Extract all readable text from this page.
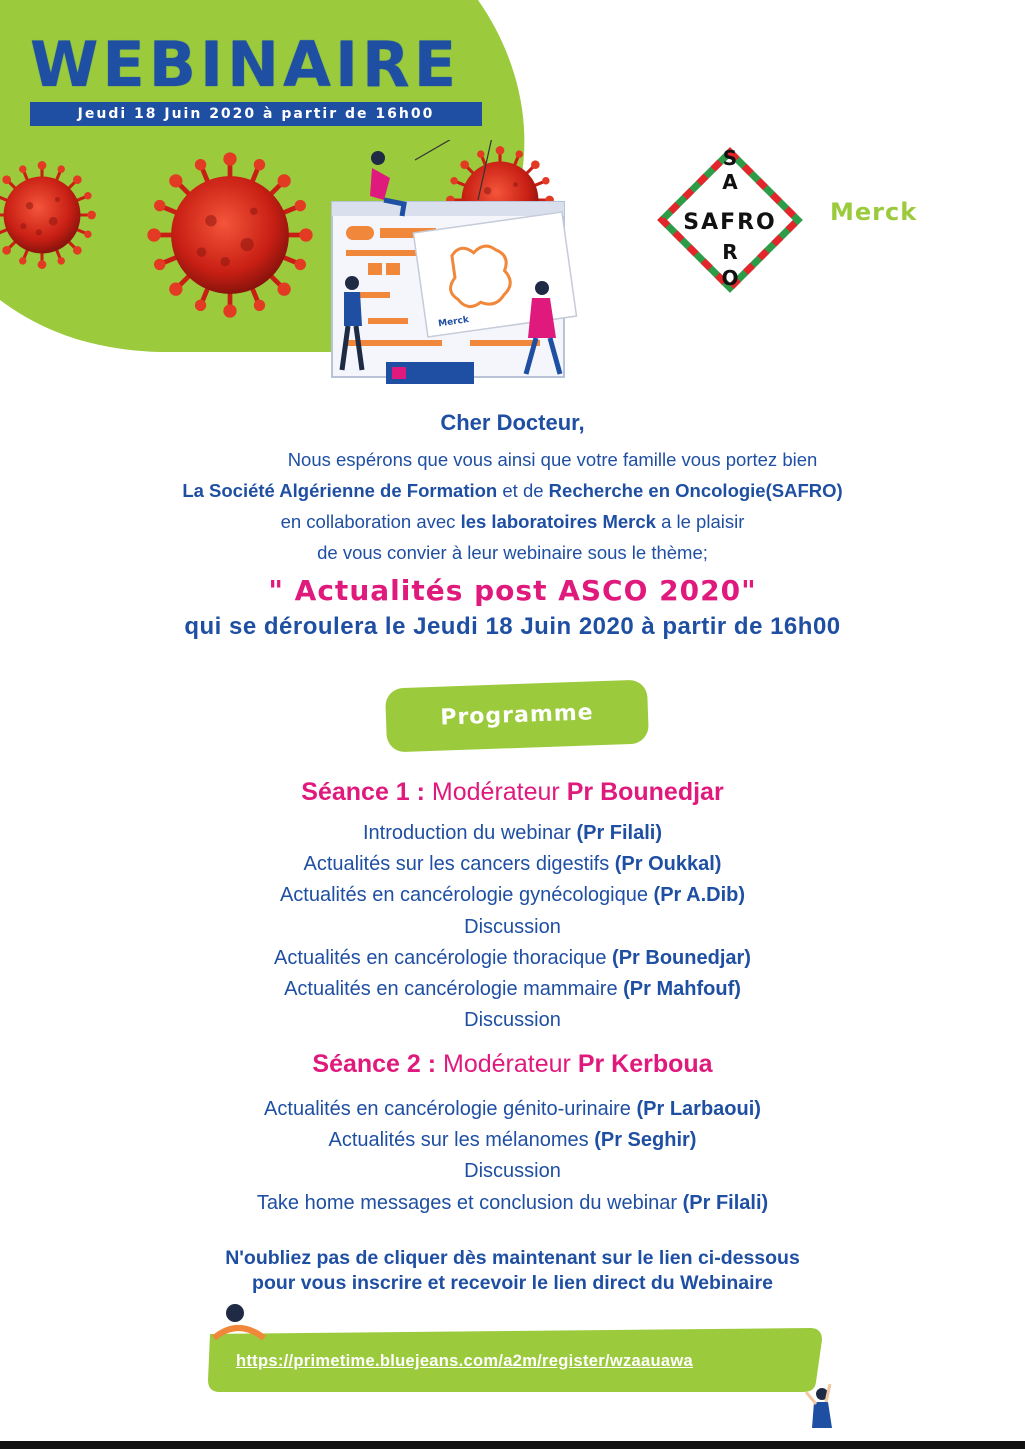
WEBINAIRE
Jeudi 18 Juin 2020 à partir de 16h00
Merck
S
A
SAFRO
R
O
Merck
Cher Docteur,
Nous espérons que vous ainsi que votre famille vous portez bien
La Société Algérienne de Formation et de Recherche en Oncologie(SAFRO)
en collaboration avec les laboratoires Merck a le plaisir
de vous convier à leur webinaire sous le thème;
" Actualités post ASCO 2020"
qui se déroulera le Jeudi 18 Juin 2020 à partir de 16h00
Programme
Séance 1 : Modérateur Pr Bounedjar
Introduction du webinar (Pr Filali)
Actualités sur les cancers digestifs (Pr Oukkal)
Actualités en cancérologie gynécologique (Pr A.Dib)
Discussion
Actualités en cancérologie thoracique (Pr Bounedjar)
Actualités en cancérologie mammaire (Pr Mahfouf)
Discussion
Séance 2 : Modérateur Pr Kerboua
Actualités en cancérologie génito-urinaire (Pr Larbaoui)
Actualités sur les mélanomes (Pr Seghir)
Discussion
Take home messages et conclusion du webinar (Pr Filali)
N'oubliez pas de cliquer dès maintenant sur le lien ci-dessous
pour vous inscrire et recevoir le lien direct du Webinaire
https://primetime.bluejeans.com/a2m/register/wzaauawa
